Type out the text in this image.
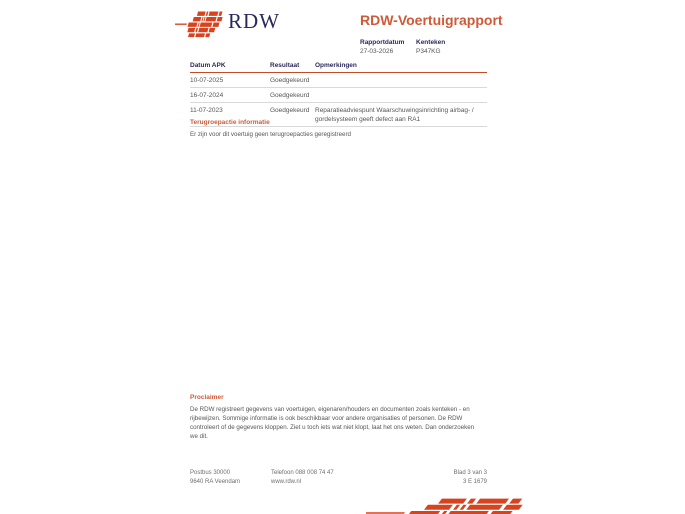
RDW	RDW-Voertuigrapport
Rapportdatum
27-03-2026
Kenteken
P347KG
Datum APK	Resultaat	Opmerkingen
10-07-2025	Goedgekeurd	
16-07-2024	Goedgekeurd	
11-07-2023	Goedgekeurd	Reparatieadviespunt Waarschuwingsinrichting airbag- / gordelsysteem geeft defect aan RA1
Terugroepactie informatie

Er zijn voor dit voertuig geen terugroepacties geregistreerd

Proclaimer

De RDW registreert gegevens van voertuigen, eigenaren/houders en documenten zoals kenteken - en rijbewijzen. Sommige informatie is ook beschikbaar voor andere organisaties of personen. De RDW controleert of de gegevens kloppen. Ziet u toch iets wat niet klopt, laat het ons weten. Dan onderzoeken we dit.

Postbus 30000
9640 RA Veendam
Telefoon 088 008 74 47
www.rdw.nl
Blad 3 van 3
3 E 1679
